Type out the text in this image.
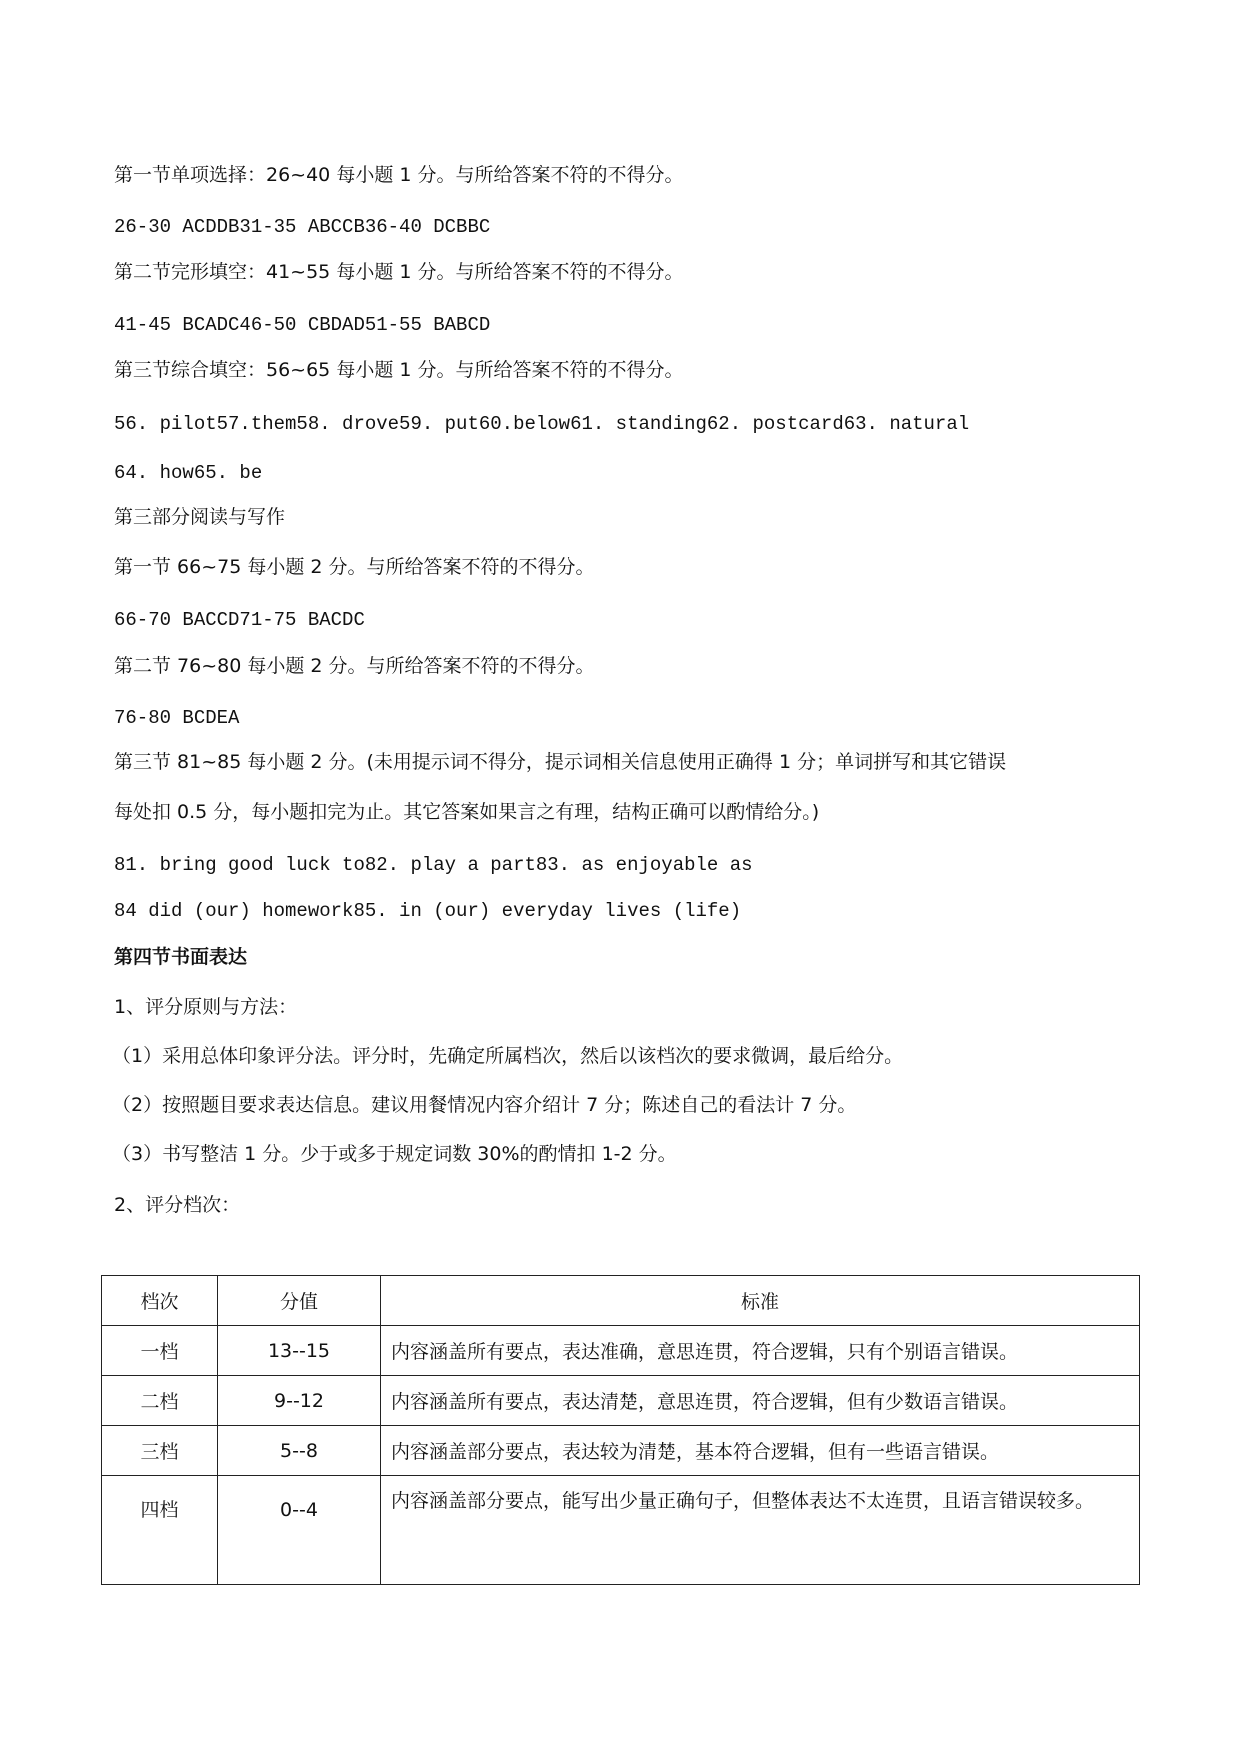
第一节单项选择：26~40 每小题 1 分。与所给答案不符的不得分。
26-30 ACDDB31-35 ABCCB36-40 DCBBC
第二节完形填空：41~55 每小题 1 分。与所给答案不符的不得分。
41-45 BCADC46-50 CBDAD51-55 BABCD
第三节综合填空：56~65 每小题 1 分。与所给答案不符的不得分。
56. pilot57.them58. drove59. put60.below61. standing62. postcard63. natural
64. how65. be
第三部分阅读与写作
第一节 66~75 每小题 2 分。与所给答案不符的不得分。
66-70 BACCD71-75 BACDC
第二节 76~80 每小题 2 分。与所给答案不符的不得分。
76-80 BCDEA
第三节 81~85 每小题 2 分。(未用提示词不得分，提示词相关信息使用正确得 1 分；单词拼写和其它错误
每处扣 0.5 分，每小题扣完为止。其它答案如果言之有理，结构正确可以酌情给分。)
81. bring good luck to82. play a part83. as enjoyable as
84 did (our) homework85. in (our) everyday lives (life)
第四节书面表达
1、评分原则与方法：
（1）采用总体印象评分法。评分时，先确定所属档次，然后以该档次的要求微调，最后给分。
（2）按照题目要求表达信息。建议用餐情况内容介绍计 7 分；陈述自己的看法计 7 分。
（3）书写整洁 1 分。少于或多于规定词数 30%的酌情扣 1-2 分。
2、评分档次：
档次	分值	标准
一档	13--15	内容涵盖所有要点，表达准确，意思连贯，符合逻辑，只有个别语言错误。
二档	9--12	内容涵盖所有要点，表达清楚，意思连贯，符合逻辑，但有少数语言错误。
三档	5--8	内容涵盖部分要点，表达较为清楚，基本符合逻辑，但有一些语言错误。
四档	0--4	内容涵盖部分要点，能写出少量正确句子，但整体表达不太连贯，且语言错误较多。
